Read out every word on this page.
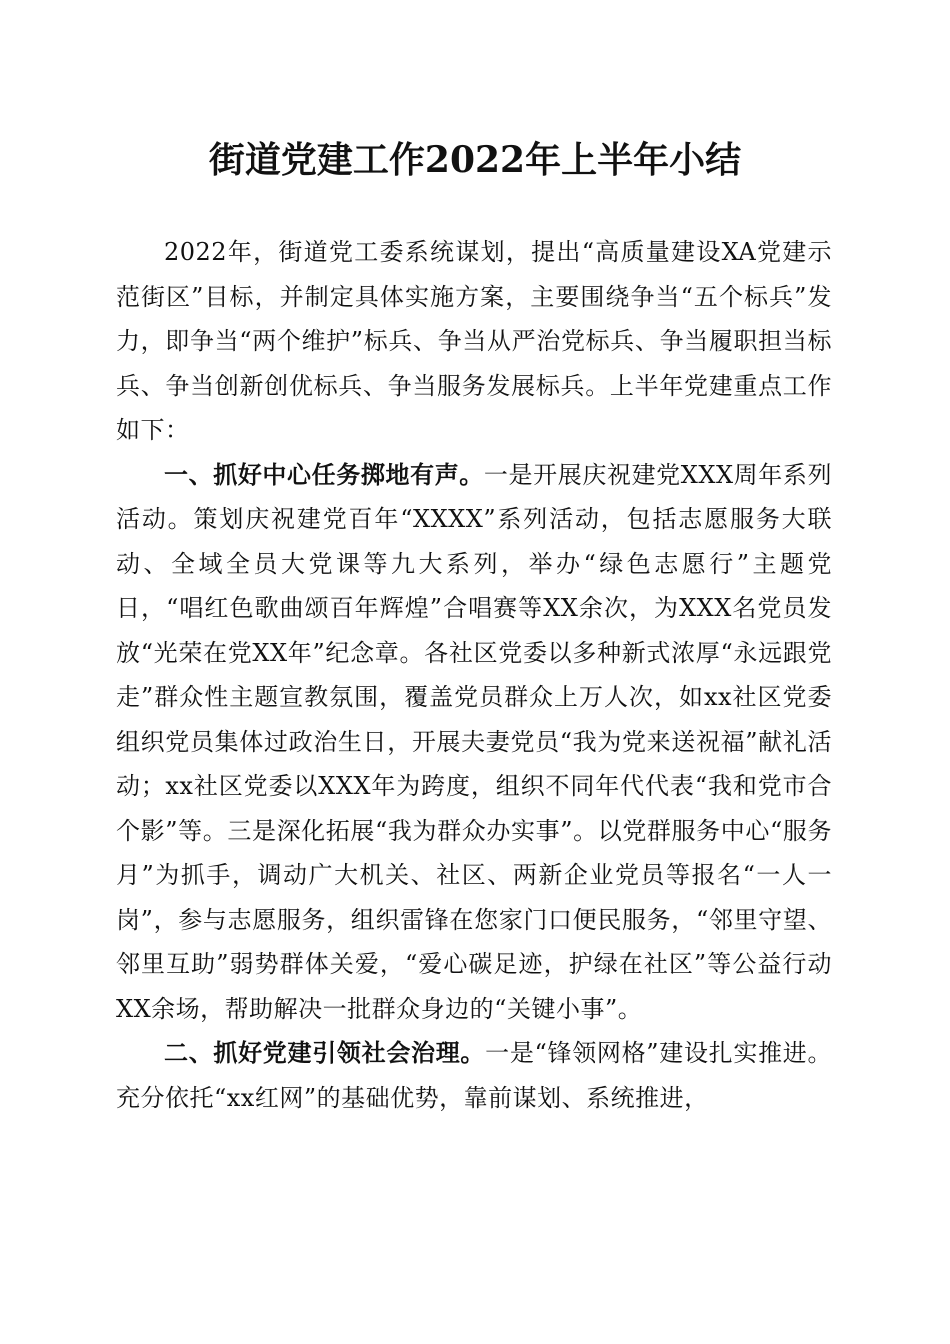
街道党建工作2022年上半年小结

2022年，街道党工委系统谋划，提出“高质量建设XA党建示范街区”目标，并制定具体实施方案，主要围绕争当“五个标兵”发力，即争当“两个维护”标兵、争当从严治党标兵、争当履职担当标兵、争当创新创优标兵、争当服务发展标兵。上半年党建重点工作如下：

一、抓好中心任务掷地有声。一是开展庆祝建党XXX周年系列活动。策划庆祝建党百年“XXXX”系列活动，包括志愿服务大联动、全域全员大党课等九大系列，举办“绿色志愿行”主题党日，“唱红色歌曲颂百年辉煌”合唱赛等XX余次，为XXX名党员发放“光荣在党XX年”纪念章。各社区党委以多种新式浓厚“永远跟党走”群众性主题宣教氛围，覆盖党员群众上万人次，如xx社区党委组织党员集体过政治生日，开展夫妻党员“我为党来送祝福”献礼活动；xx社区党委以XXX年为跨度，组织不同年代代表“我和党市合个影”等。三是深化拓展“我为群众办实事”。以党群服务中心“服务月”为抓手，调动广大机关、社区、两新企业党员等报名“一人一岗”，参与志愿服务，组织雷锋在您家门口便民服务，“邻里守望、邻里互助”弱势群体关爱，“爱心碳足迹，护绿在社区”等公益行动XX余场，帮助解决一批群众身边的“关键小事”。

二、抓好党建引领社会治理。一是“锋领网格”建设扎实推进。充分依托“xx红网”的基础优势，靠前谋划、系统推进，
